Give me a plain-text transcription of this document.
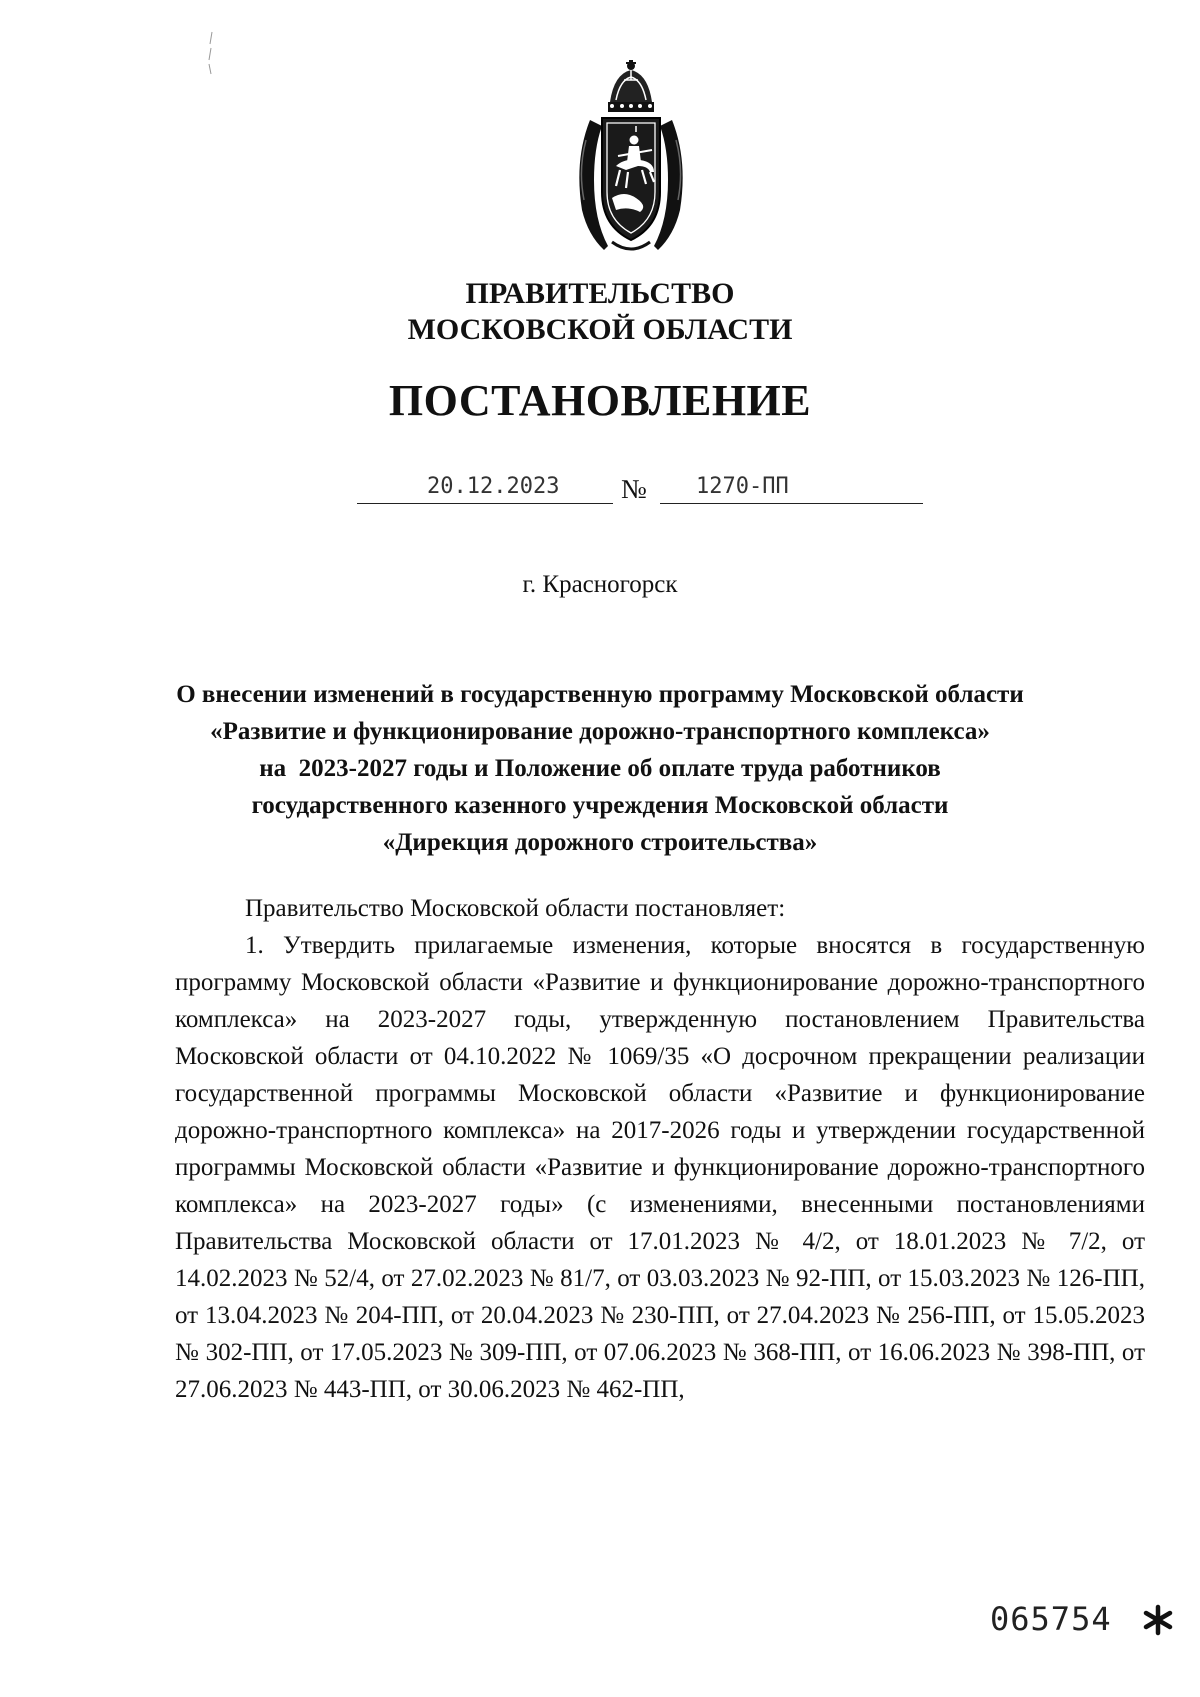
ПРАВИТЕЛЬСТВО
МОСКОВСКОЙ ОБЛАСТИ
ПОСТАНОВЛЕНИЕ
20.12.2023 № 1270-ПП
г. Красногорск
О внесении изменений в государственную программу Московской области
«Развитие и функционирование дорожно-транспортного комплекса»
на  2023-2027 годы и Положение об оплате труда работников
государственного казенного учреждения Московской области
«Дирекция дорожного строительства»

Правительство Московской области постановляет:

1. Утвердить прилагаемые изменения, которые вносятся в государственную программу Московской области «Развитие и функционирование дорожно-транспортного комплекса» на 2023-2027 годы, утвержденную постановлением Правительства Московской области от 04.10.2022 № 1069/35 «О досрочном прекращении реализации государственной программы Московской области «Развитие и функционирование дорожно-транспортного комплекса» на 2017-2026 годы и утверждении государственной программы Московской области «Развитие и функционирование дорожно-транспортного комплекса» на 2023-2027 годы» (с изменениями, внесенными постановлениями Правительства Московской области от 17.01.2023 № 4/2, от 18.01.2023 № 7/2, от 14.02.2023 № 52/4, от 27.02.2023 № 81/7, от 03.03.2023 № 92-ПП, от 15.03.2023 № 126-ПП, от 13.04.2023 № 204-ПП, от 20.04.2023 № 230-ПП, от 27.04.2023 № 256-ПП, от 15.05.2023 № 302-ПП, от 17.05.2023 № 309-ПП, от 07.06.2023 № 368-ПП, от 16.06.2023 № 398-ПП, от 27.06.2023 № 443-ПП, от 30.06.2023 № 462-ПП,

065754
